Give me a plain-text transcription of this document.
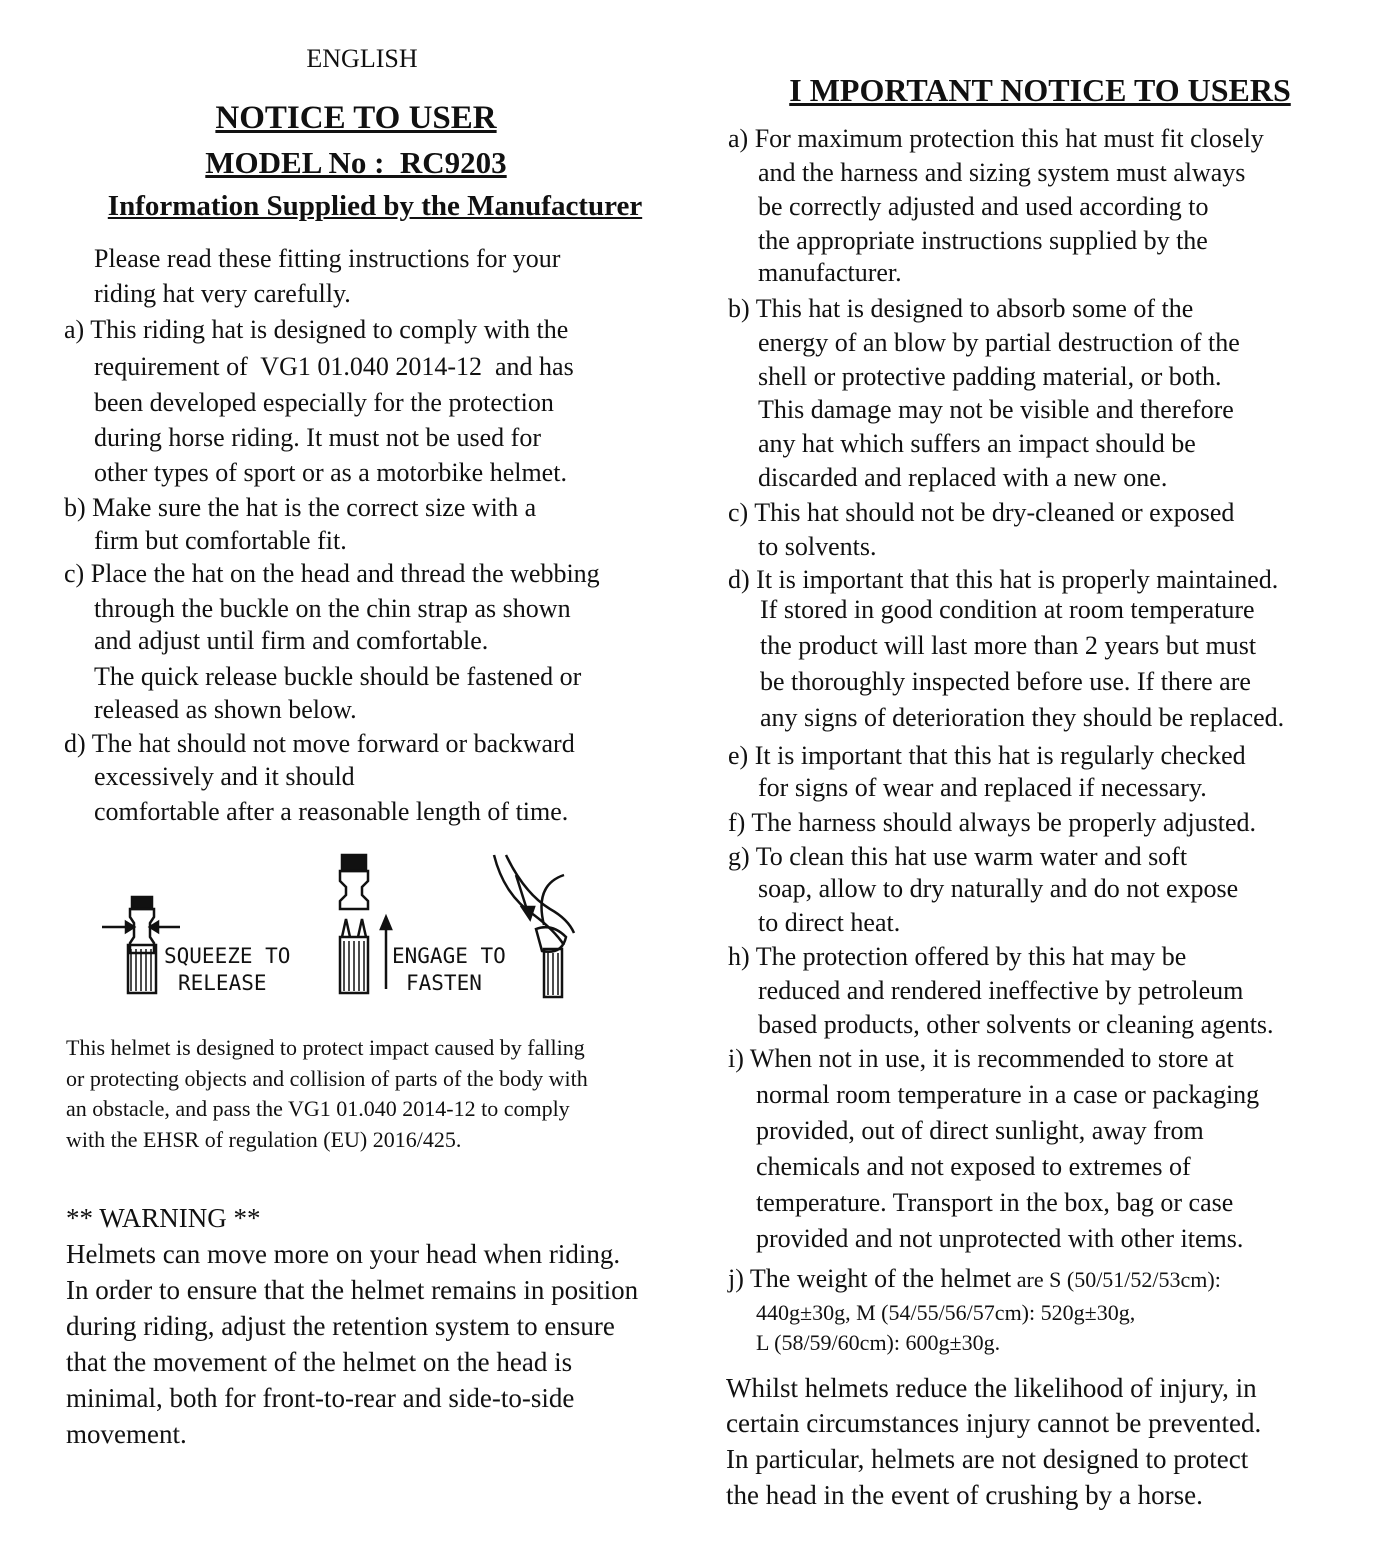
ENGLISH
NOTICE TO USER
MODEL No :  RC9203
Information Supplied by the Manufacturer
Please read these fitting instructions for your
riding hat very carefully.
a) This riding hat is designed to comply with the
requirement of  VG1 01.040 2014-12  and has
been developed especially for the protection
during horse riding. It must not be used for
other types of sport or as a motorbike helmet.
b) Make sure the hat is the correct size with a
firm but comfortable fit.
c) Place the hat on the head and thread the webbing
through the buckle on the chin strap as shown
and adjust until firm and comfortable.
The quick release buckle should be fastened or
released as shown below.
d) The hat should not move forward or backward
excessively and it should
comfortable after a reasonable length of time.
SQUEEZE TO
RELEASE
ENGAGE TO
FASTEN
This helmet is designed to protect impact caused by falling
or protecting objects and collision of parts of the body with
an obstacle, and pass the VG1 01.040 2014-12 to comply
with the EHSR of regulation (EU) 2016/425.
** WARNING **
Helmets can move more on your head when riding.
In order to ensure that the helmet remains in position
during riding, adjust the retention system to ensure
that the movement of the helmet on the head is
minimal, both for front-to-rear and side-to-side
movement.
I MPORTANT NOTICE TO USERS
a) For maximum protection this hat must fit closely
and the harness and sizing system must always
be correctly adjusted and used according to
the appropriate instructions supplied by the
manufacturer.
b) This hat is designed to absorb some of the
energy of an blow by partial destruction of the
shell or protective padding material, or both.
This damage may not be visible and therefore
any hat which suffers an impact should be
discarded and replaced with a new one.
c) This hat should not be dry-cleaned or exposed
to solvents.
d) It is important that this hat is properly maintained.
If stored in good condition at room temperature
the product will last more than 2 years but must
be thoroughly inspected before use. If there are
any signs of deterioration they should be replaced.
e) It is important that this hat is regularly checked
for signs of wear and replaced if necessary.
f) The harness should always be properly adjusted.
g) To clean this hat use warm water and soft
soap, allow to dry naturally and do not expose
to direct heat.
h) The protection offered by this hat may be
reduced and rendered ineffective by petroleum
based products, other solvents or cleaning agents.
i) When not in use, it is recommended to store at
normal room temperature in a case or packaging
provided, out of direct sunlight, away from
chemicals and not exposed to extremes of
temperature. Transport in the box, bag or case
provided and not unprotected with other items.
j) The weight of the helmet are S (50/51/52/53cm):
440g±30g, M (54/55/56/57cm): 520g±30g,
L (58/59/60cm): 600g±30g.
Whilst helmets reduce the likelihood of injury, in
certain circumstances injury cannot be prevented.
In particular, helmets are not designed to protect
the head in the event of crushing by a horse.
